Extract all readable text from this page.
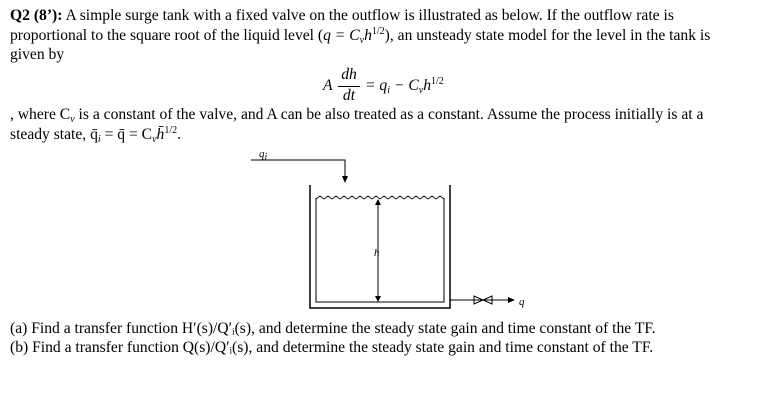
Q2 (8’): A simple surge tank with a fixed valve on the outflow is illustrated as below. If the outflow rate is
proportional to the square root of the liquid level $(q = C_vh^{1/2})$, an unsteady state model for the level in the tank is
given by
A
dh
dt
= $q_i - C_vh^{1/2}$
, where $C_v$ is a constant of the valve, and A can be also treated as a constant. Assume the process initially is at a
steady state, $q̄_i$ = q̄ = $C_vh̄^{1/2}$.
$q_i$
h
q
(a) Find a transfer function H′(s)/Q′ᵢ(s), and determine the steady state gain and time constant of the TF.
(b) Find a transfer function Q(s)/Q′ᵢ(s), and determine the steady state gain and time constant of the TF.
